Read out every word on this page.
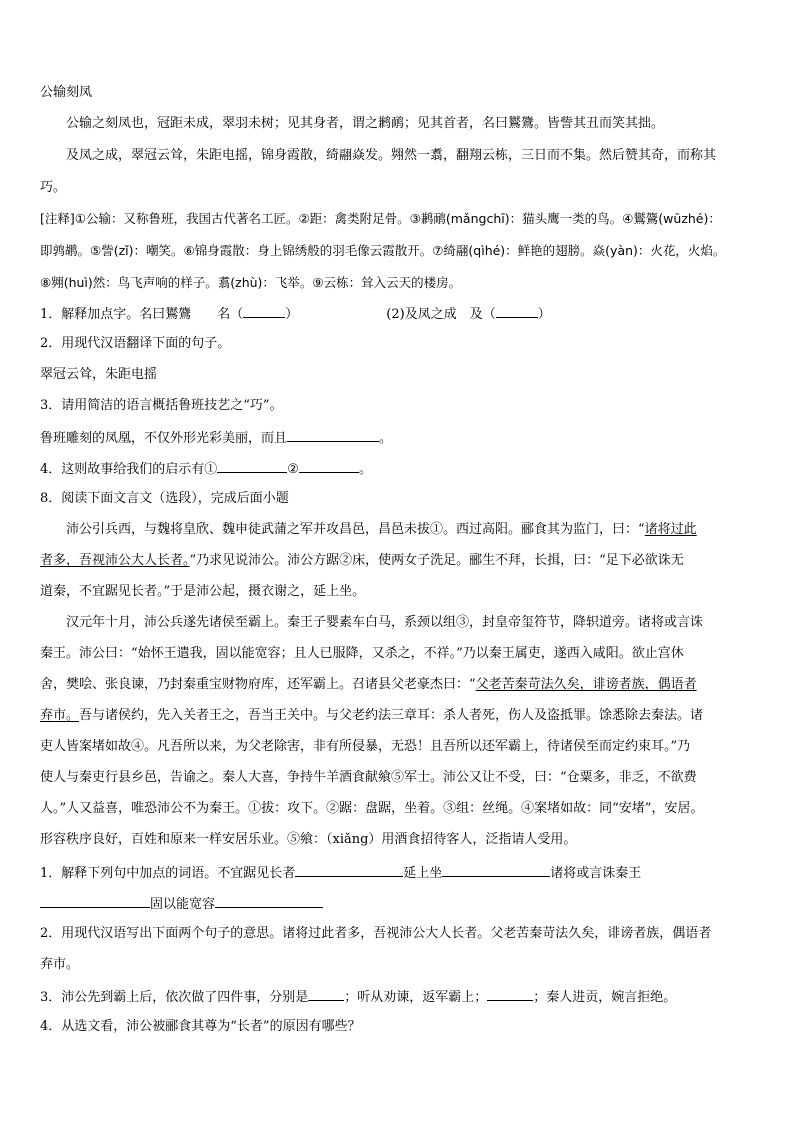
公输刻凤
公输之刻凤也，冠距未成，翠羽未树；见其身者，谓之鹣鸸；见其首者，名曰鸑鷟。皆訾其丑而笑其拙。
及凤之成，翠冠云耸，朱距电摇，锦身霞散，绮翮焱发。翙然一翥，翻翔云栋，三日而不集。然后赞其奇，而称其
巧。
[注释]①公输：又称鲁班，我国古代著名工匠。②距：禽类附足骨。③鹣鸸(mǎngchī)：猫头鹰一类的鸟。④鸑鷟(wūzhé)：
即鹑鹕。⑤訾(zǐ)：嘲笑。⑥锦身霞散：身上锦绣般的羽毛像云霞散开。⑦绮翮(qìhé)：鲜艳的翅膀。焱(yàn)：火花，火焰。
⑧翙(huì)然：鸟飞声响的样子。翥(zhù)：飞举。⑨云栋：耸入云天的楼房。
1．解释加点字。名曰鸑鷟　　名（	）	(2)及凤之成　及（	）
2．用现代汉语翻译下面的句子。
翠冠云耸，朱距电摇
3．请用简洁的语言概括鲁班技艺之“巧”。
鲁班雕刻的凤凰，不仅外形光彩美丽，而且	。
4．这则故事给我们的启示有①	②	。
8．阅读下面文言文（选段），完成后面小题
沛公引兵西，与魏将皇欣、魏申徒武蒲之军并攻昌邑，昌邑未拔①。西过高阳。郦食其为监门，曰：“诸将过此
者多，吾视沛公大人长者。”乃求见说沛公。沛公方踞②床，使两女子洗足。郦生不拜，长揖，曰：“足下必欲诛无
道秦，不宜踞见长者。”于是沛公起，摄衣谢之，延上坐。
汉元年十月，沛公兵遂先诸侯至霸上。秦王子婴素车白马，系颈以组③，封皇帝玺符节，降轵道旁。诸将或言诛
秦王。沛公曰：“始怀王遣我，固以能宽容；且人已服降，又杀之，不祥。”乃以秦王属吏，遂西入咸阳。欲止宫休
舍，樊哙、张良谏，乃封秦重宝财物府库，还军霸上。召诸县父老豪杰曰：“父老苦秦苛法久矣，诽谤者族，偶语者
弃市。吾与诸侯约，先入关者王之，吾当王关中。与父老约法三章耳：杀人者死，伤人及盗抵罪。馀悉除去秦法。诸
吏人皆案堵如故④。凡吾所以来，为父老除害，非有所侵暴，无恐！且吾所以还军霸上，待诸侯至而定约束耳。”乃
使人与秦吏行县乡邑，告谕之。秦人大喜，争持牛羊酒食献飨⑤军士。沛公又让不受，曰：“仓粟多，非乏，不欲费
人。”人又益喜，唯恐沛公不为秦王。①拔：攻下。②踞：盘踞，坐着。③组：丝绳。④案堵如故：同“安堵”，安居。
形容秩序良好，百姓和原来一样安居乐业。⑤飨：（xiǎng）用酒食招待客人，泛指请人受用。
1．解释下列句中加点的词语。不宜踞见长者	延上坐	诸将或言诛秦王
固以能宽容
2．用现代汉语写出下面两个句子的意思。诸将过此者多，吾视沛公大人长者。父老苦秦苛法久矣，诽谤者族，偶语者
弃市。
3．沛公先到霸上后，依次做了四件事，分别是	；听从劝谏，返军霸上；	；秦人进贡，婉言拒绝。
4．从选文看，沛公被郦食其尊为“长者”的原因有哪些？
